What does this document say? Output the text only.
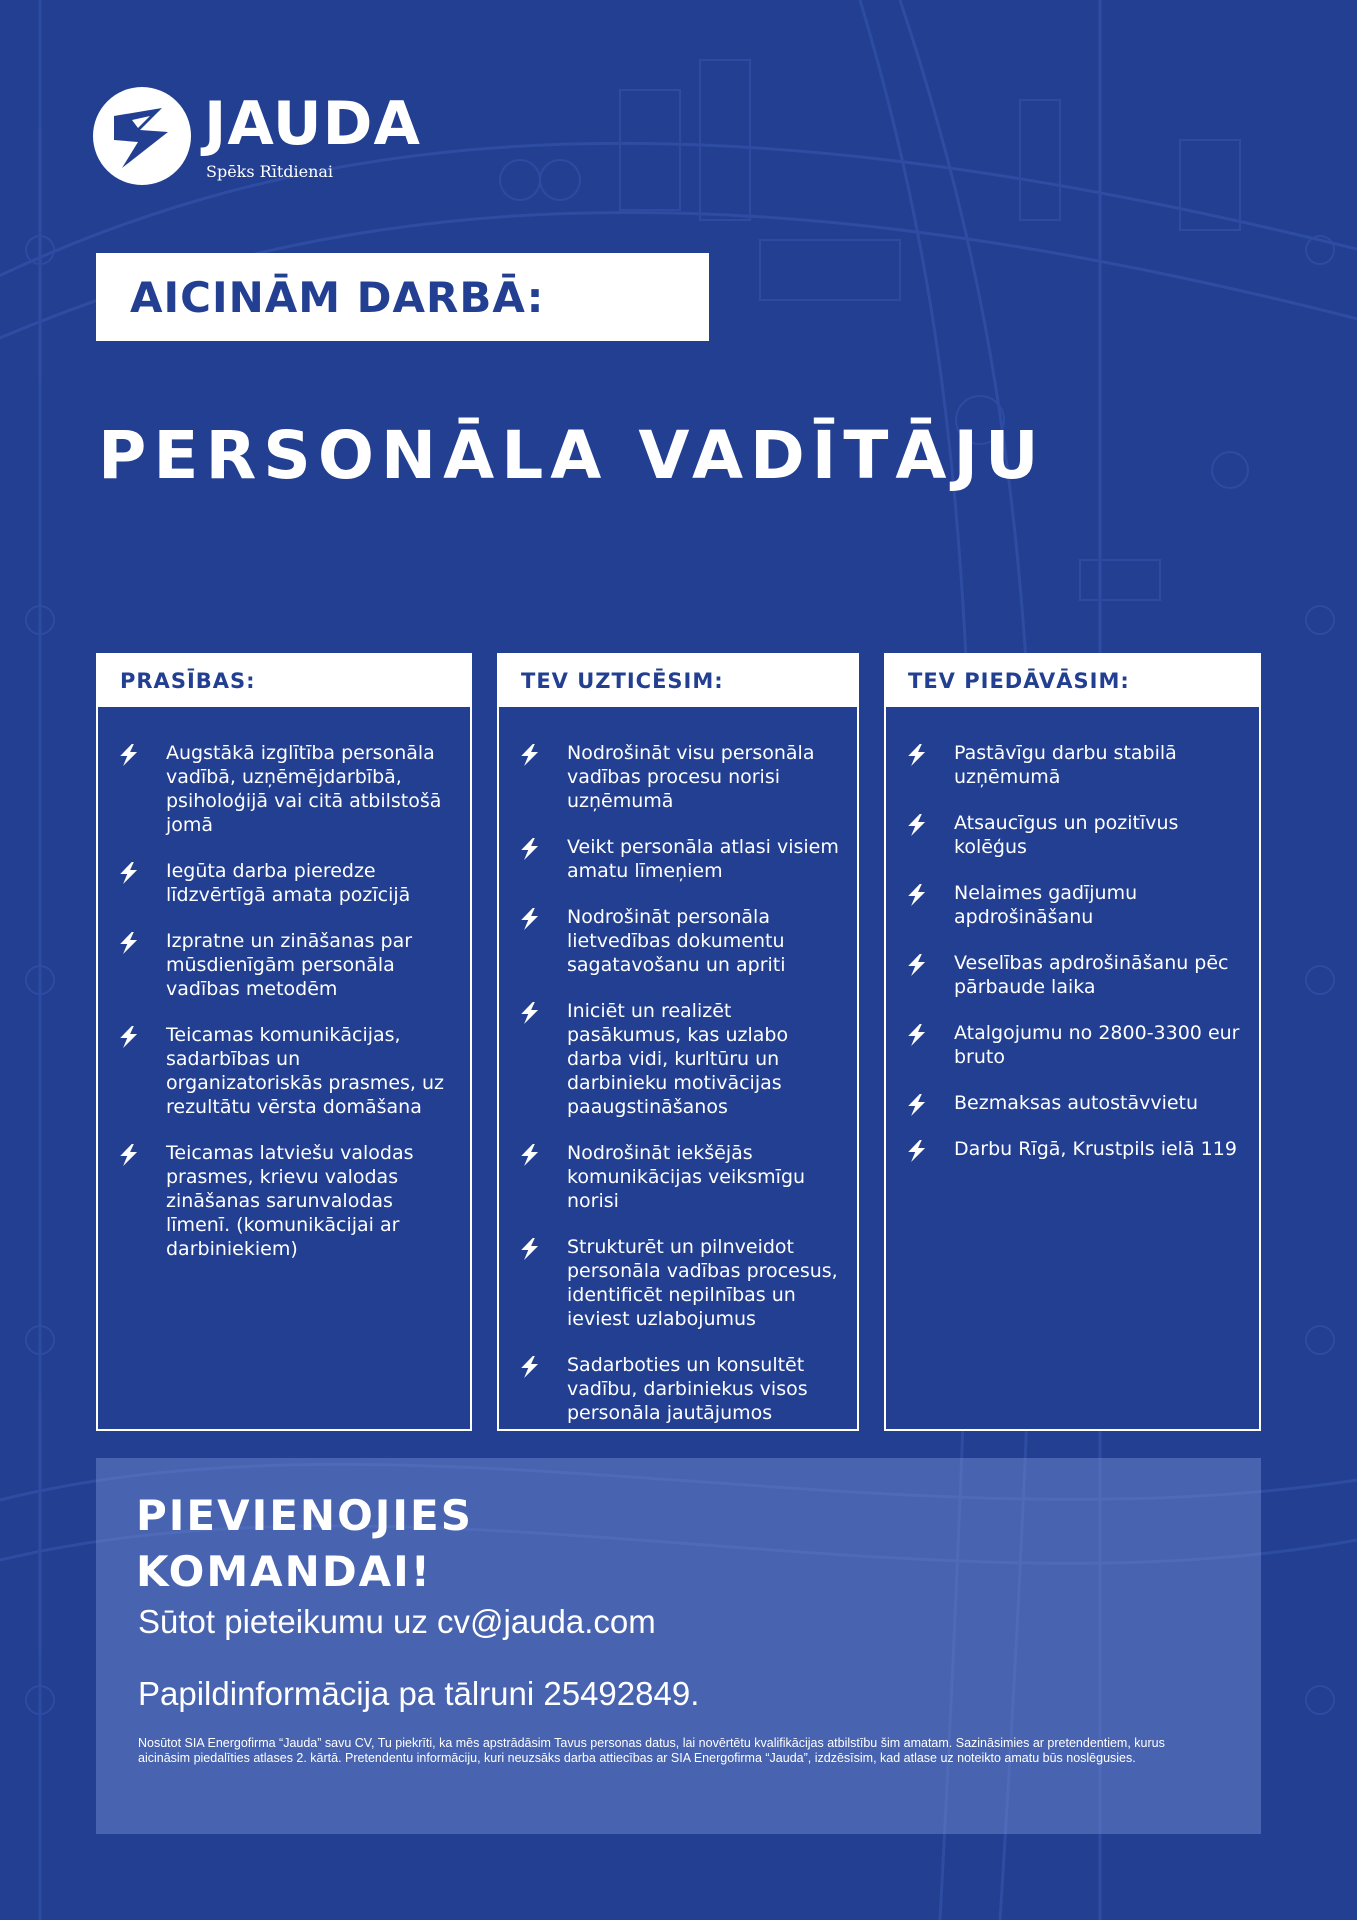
JAUDA
Spēks Rītdienai
AICINĀM DARBĀ:
PERSONĀLA VADĪTĀJU
PRASĪBAS:
Augstākā izglītība personāla vadībā, uzņēmējdarbībā, psiholoģijā vai citā atbilstošā jomā
Iegūta darba pieredze līdzvērtīgā amata pozīcijā
Izpratne un zināšanas par mūsdienīgām personāla vadības metodēm
Teicamas komunikācijas, sadarbības un organizatoriskās prasmes, uz rezultātu vērsta domāšana
Teicamas latviešu valodas prasmes, krievu valodas zināšanas sarunvalodas līmenī. (komunikācijai ar darbiniekiem)
TEV UZTICĒSIM:
Nodrošināt visu personāla vadības procesu norisi uzņēmumā
Veikt personāla atlasi visiem amatu līmeņiem
Nodrošināt personāla lietvedības dokumentu sagatavošanu un apriti
Iniciēt un realizēt pasākumus, kas uzlabo darba vidi, kurltūru un darbinieku motivācijas paaugstināšanos
Nodrošināt iekšējās komunikācijas veiksmīgu norisi
Strukturēt un pilnveidot personāla vadības procesus, identificēt nepilnības un ieviest uzlabojumus
Sadarboties un konsultēt vadību, darbiniekus visos personāla jautājumos
TEV PIEDĀVĀSIM:
Pastāvīgu darbu stabilā uzņēmumā
Atsaucīgus un pozitīvus kolēģus
Nelaimes gadījumu apdrošināšanu
Veselības apdrošināšanu pēc pārbaude laika
Atalgojumu no 2800-3300 eur bruto
Bezmaksas autostāvvietu
Darbu Rīgā, Krustpils ielā 119
PIEVIENOJIES
KOMANDAI!
Sūtot pieteikumu uz cv@jauda.com
Papildinformācija pa tālruni 25492849.
Nosūtot SIA Energofirma “Jauda” savu CV, Tu piekrīti, ka mēs apstrādāsim Tavus personas datus, lai novērtētu kvalifikācijas atbilstību šim amatam. Sazināsimies ar pretendentiem, kurus aicināsim piedalīties atlases 2. kārtā. Pretendentu informāciju, kuri neuzsāks darba attiecības ar SIA Energofirma “Jauda”, izdzēsīsim, kad atlase uz noteikto amatu būs noslēgusies.
